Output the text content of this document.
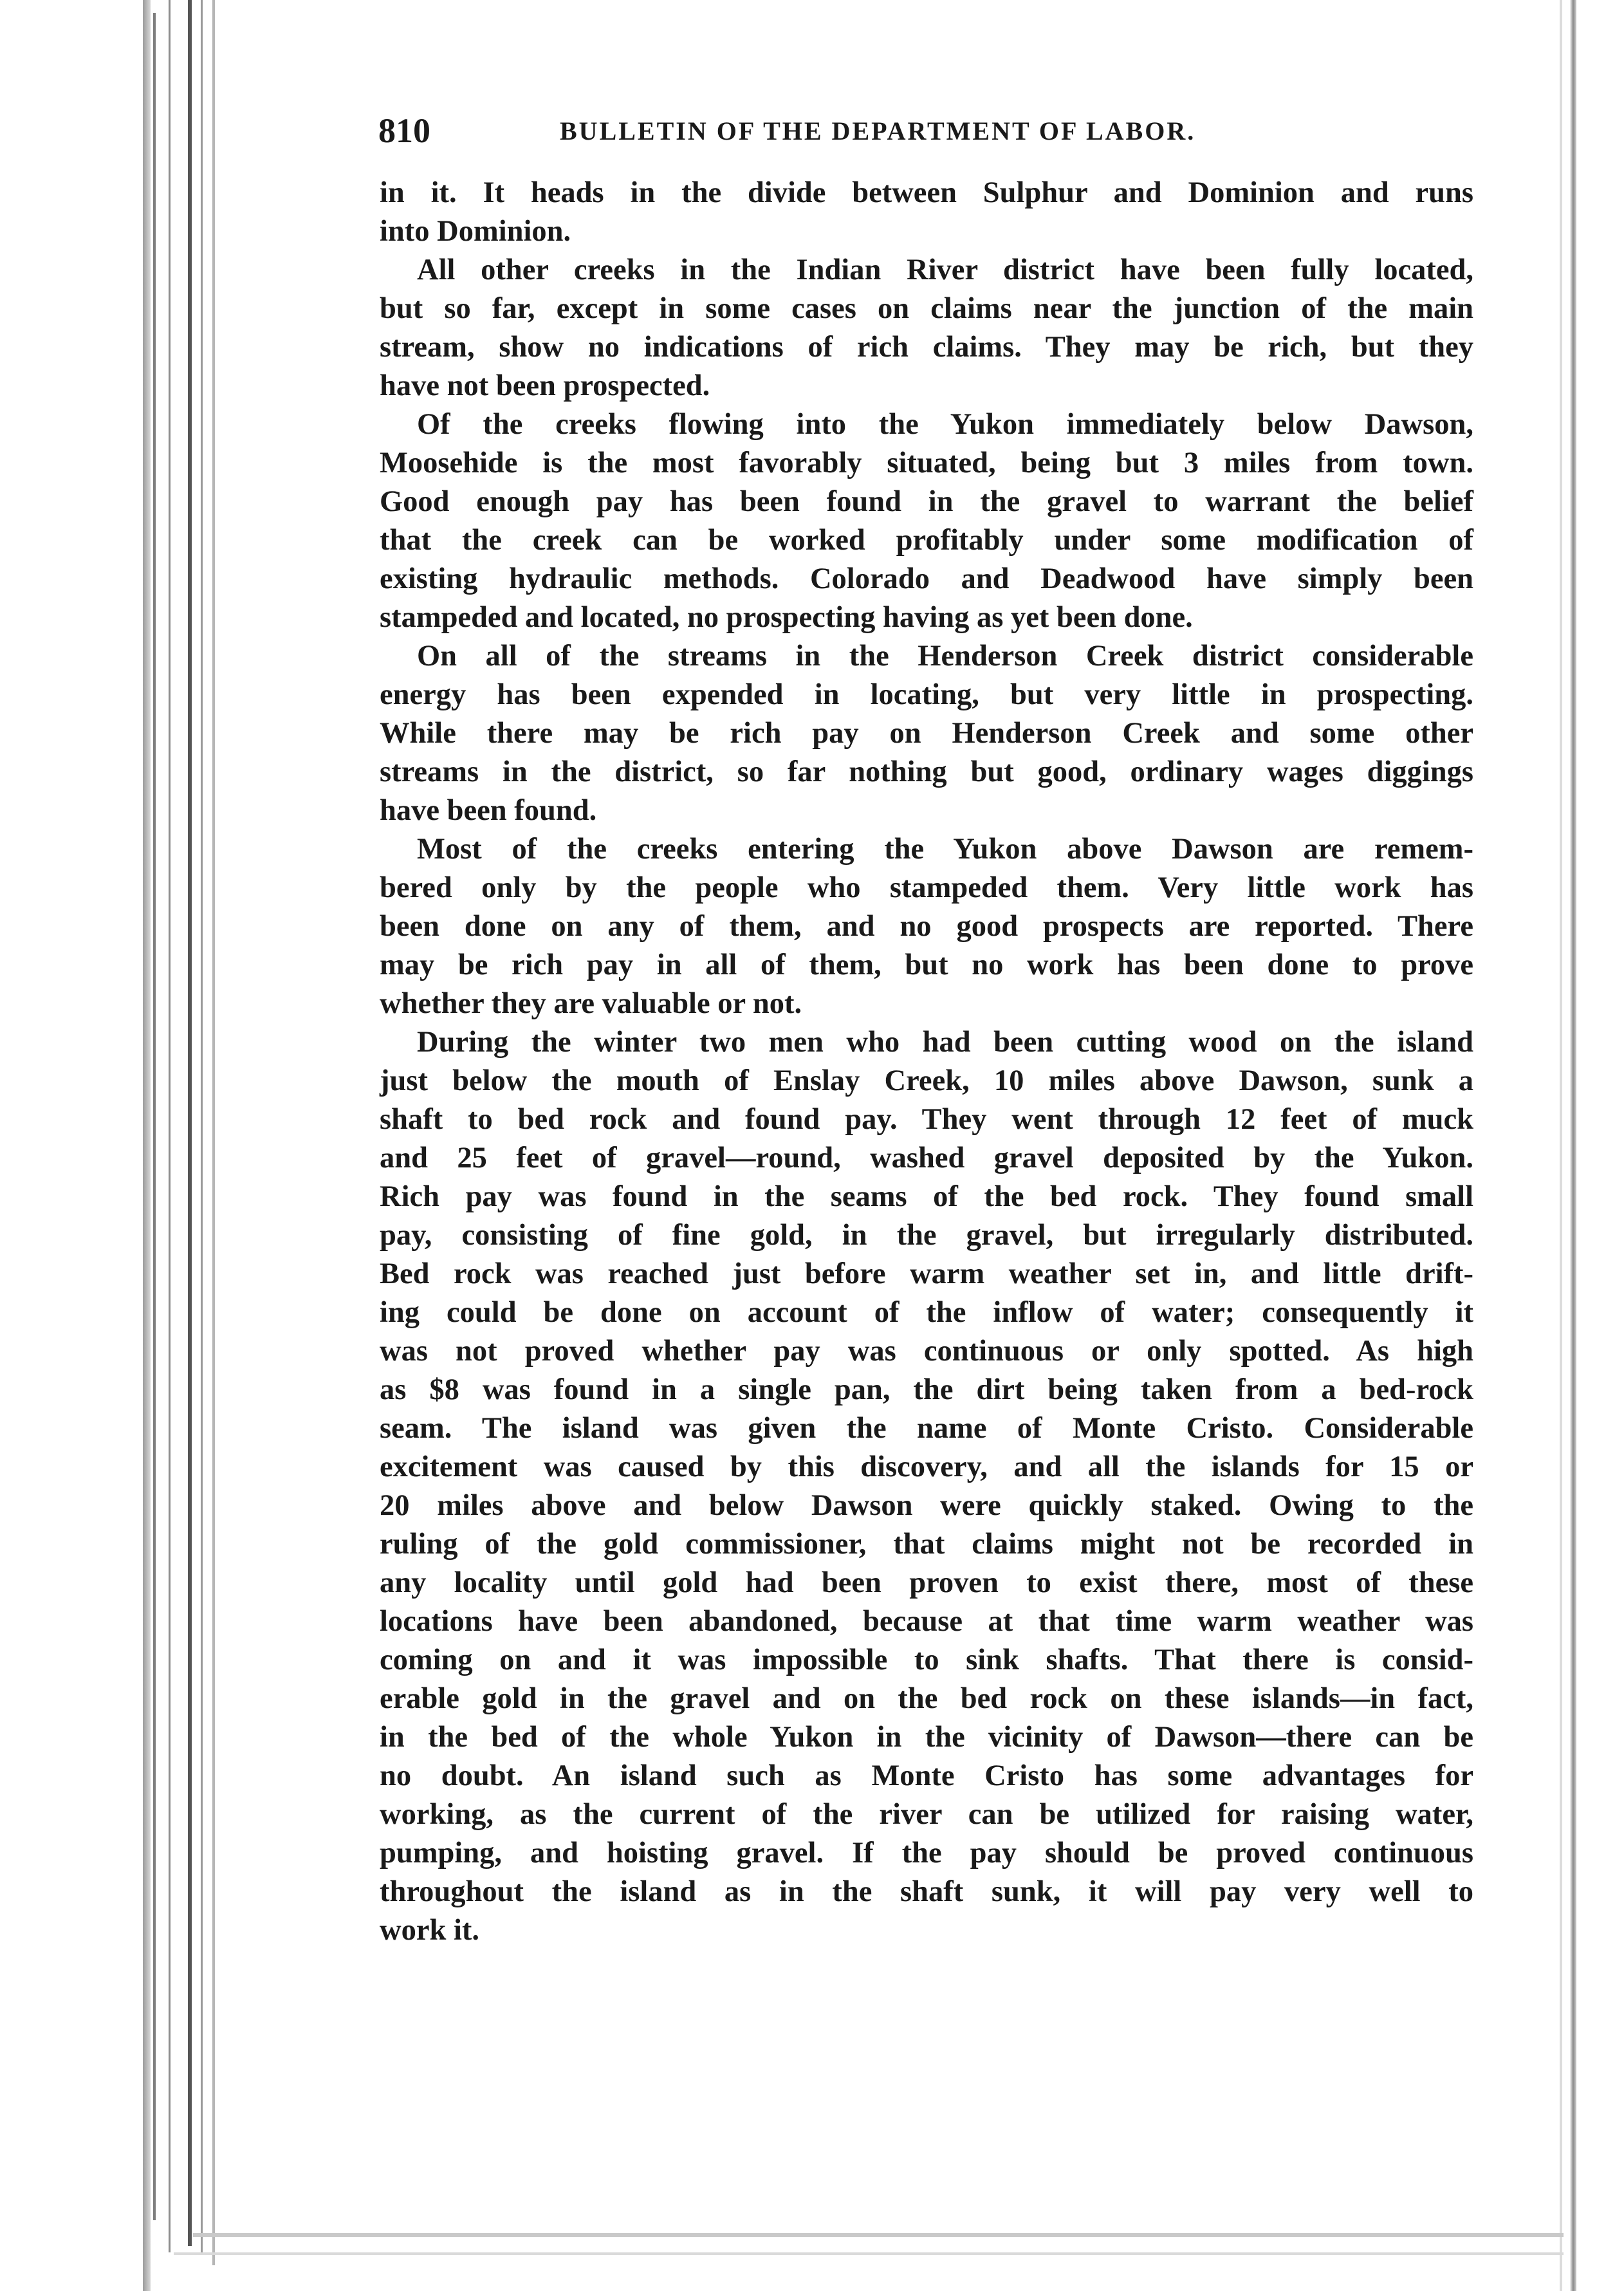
810	BULLETIN OF THE DEPARTMENT OF LABOR.
in it. It heads in the divide between Sulphur and Dominion and runs
into Dominion.
All other creeks in the Indian River district have been fully located,
but so far, except in some cases on claims near the junction of the main
stream, show no indications of rich claims. They may be rich, but they
have not been prospected.
Of the creeks flowing into the Yukon immediately below Dawson,
Moosehide is the most favorably situated, being but 3 miles from town.
Good enough pay has been found in the gravel to warrant the belief
that the creek can be worked profitably under some modification of
existing hydraulic methods. Colorado and Deadwood have simply been
stampeded and located, no prospecting having as yet been done.
On all of the streams in the Henderson Creek district considerable
energy has been expended in locating, but very little in prospecting.
While there may be rich pay on Henderson Creek and some other
streams in the district, so far nothing but good, ordinary wages diggings
have been found.
Most of the creeks entering the Yukon above Dawson are remem-
bered only by the people who stampeded them. Very little work has
been done on any of them, and no good prospects are reported. There
may be rich pay in all of them, but no work has been done to prove
whether they are valuable or not.
During the winter two men who had been cutting wood on the island
just below the mouth of Enslay Creek, 10 miles above Dawson, sunk a
shaft to bed rock and found pay. They went through 12 feet of muck
and 25 feet of gravel—round, washed gravel deposited by the Yukon.
Rich pay was found in the seams of the bed rock. They found small
pay, consisting of fine gold, in the gravel, but irregularly distributed.
Bed rock was reached just before warm weather set in, and little drift-
ing could be done on account of the inflow of water; consequently it
was not proved whether pay was continuous or only spotted. As high
as $8 was found in a single pan, the dirt being taken from a bed-rock
seam. The island was given the name of Monte Cristo. Considerable
excitement was caused by this discovery, and all the islands for 15 or
20 miles above and below Dawson were quickly staked. Owing to the
ruling of the gold commissioner, that claims might not be recorded in
any locality until gold had been proven to exist there, most of these
locations have been abandoned, because at that time warm weather was
coming on and it was impossible to sink shafts. That there is consid-
erable gold in the gravel and on the bed rock on these islands—in fact,
in the bed of the whole Yukon in the vicinity of Dawson—there can be
no doubt. An island such as Monte Cristo has some advantages for
working, as the current of the river can be utilized for raising water,
pumping, and hoisting gravel. If the pay should be proved continuous
throughout the island as in the shaft sunk, it will pay very well to
work it.
